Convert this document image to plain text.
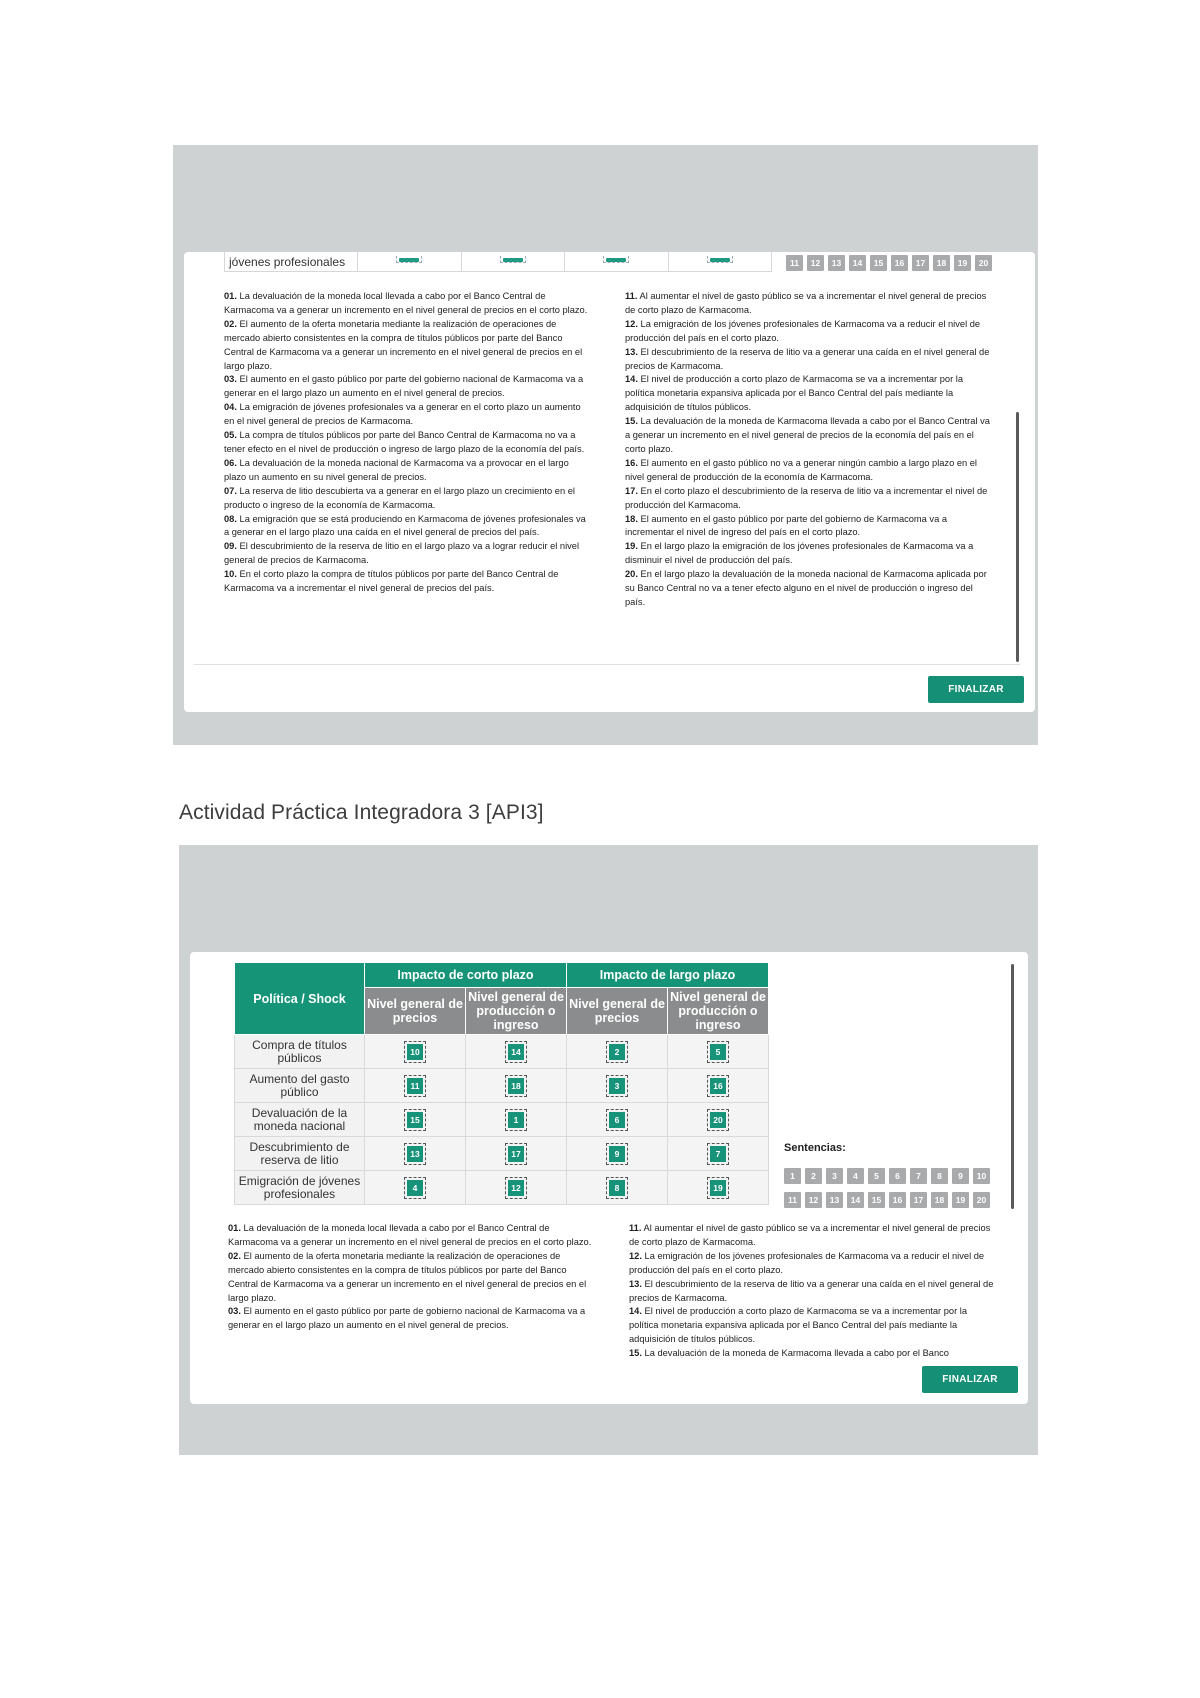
jóvenes profesionales	11	12	13	14	15	16	17	18	19	20
01. La devaluación de la moneda local llevada a cabo por el Banco Central de Karmacoma va a generar un incremento en el nivel general de precios en el corto plazo.
02. El aumento de la oferta monetaria mediante la realización de operaciones de mercado abierto consistentes en la compra de títulos públicos por parte del Banco Central de Karmacoma va a generar un incremento en el nivel general de precios en el largo plazo.
03. El aumento en el gasto público por parte del gobierno nacional de Karmacoma va a generar en el largo plazo un aumento en el nivel general de precios.
04. La emigración de jóvenes profesionales va a generar en el corto plazo un aumento en el nivel general de precios de Karmacoma.
05. La compra de títulos públicos por parte del Banco Central de Karmacoma no va a tener efecto en el nivel de producción o ingreso de largo plazo de la economía del país.
06. La devaluación de la moneda nacional de Karmacoma va a provocar en el largo plazo un aumento en su nivel general de precios.
07. La reserva de litio descubierta va a generar en el largo plazo un crecimiento en el producto o ingreso de la economía de Karmacoma.
08. La emigración que se está produciendo en Karmacoma de jóvenes profesionales va a generar en el largo plazo una caída en el nivel general de precios del país.
09. El descubrimiento de la reserva de litio en el largo plazo va a lograr reducir el nivel general de precios de Karmacoma.
10. En el corto plazo la compra de títulos públicos por parte del Banco Central de Karmacoma va a incrementar el nivel general de precios del país.
11. Al aumentar el nivel de gasto público se va a incrementar el nivel general de precios de corto plazo de Karmacoma.
12. La emigración de los jóvenes profesionales de Karmacoma va a reducir el nivel de producción del país en el corto plazo.
13. El descubrimiento de la reserva de litio va a generar una caída en el nivel general de precios de Karmacoma.
14. El nivel de producción a corto plazo de Karmacoma se va a incrementar por la política monetaria expansiva aplicada por el Banco Central del país mediante la adquisición de títulos públicos.
15. La devaluación de la moneda de Karmacoma llevada a cabo por el Banco Central va a generar un incremento en el nivel general de precios de la economía del país en el corto plazo.
16. El aumento en el gasto público no va a generar ningún cambio a largo plazo en el nivel general de producción de la economía de Karmacoma.
17. En el corto plazo el descubrimiento de la reserva de litio va a incrementar el nivel de producción del Karmacoma.
18. El aumento en el gasto público por parte del gobierno de Karmacoma va a incrementar el nivel de ingreso del país en el corto plazo.
19. En el largo plazo la emigración de los jóvenes profesionales de Karmacoma va a disminuir el nivel de producción del país.
20. En el largo plazo la devaluación de la moneda nacional de Karmacoma aplicada por su Banco Central no va a tener efecto alguno en el nivel de producción o ingreso del país.
FINALIZAR
Actividad Práctica Integradora 3 [API3]
Política / Shock	Impacto de corto plazo		Impacto de largo plazo	
	Nivel general de precios	Nivel general de producción o ingreso	Nivel general de precios	Nivel general de producción o ingreso
Compra de títulos públicos	10	14	2	5

Aumento del gasto público	11	18	3	16

Devaluación de la moneda nacional	15	1	6	20

Descubrimiento de reserva de litio	13	17	9	7

Emigración de jóvenes profesionales	4	12	8	19
Sentencias:
1	2	3	4	5	6	7	8	9	10
11	12	13	14	15	16	17	18	19	20
01. La devaluación de la moneda local llevada a cabo por el Banco Central de Karmacoma va a generar un incremento en el nivel general de precios en el corto plazo.
02. El aumento de la oferta monetaria mediante la realización de operaciones de mercado abierto consistentes en la compra de títulos públicos por parte del Banco Central de Karmacoma va a generar un incremento en el nivel general de precios en el largo plazo.
03. El aumento en el gasto público por parte de gobierno nacional de Karmacoma va a generar en el largo plazo un aumento en el nivel general de precios.
11. Al aumentar el nivel de gasto público se va a incrementar el nivel general de precios de corto plazo de Karmacoma.
12. La emigración de los jóvenes profesionales de Karmacoma va a reducir el nivel de producción del país en el corto plazo.
13. El descubrimiento de la reserva de litio va a generar una caída en el nivel general de precios de Karmacoma.
14. El nivel de producción a corto plazo de Karmacoma se va a incrementar por la política monetaria expansiva aplicada por el Banco Central del país mediante la adquisición de títulos públicos.
15. La devaluación de la moneda de Karmacoma llevada a cabo por el Banco
FINALIZAR
